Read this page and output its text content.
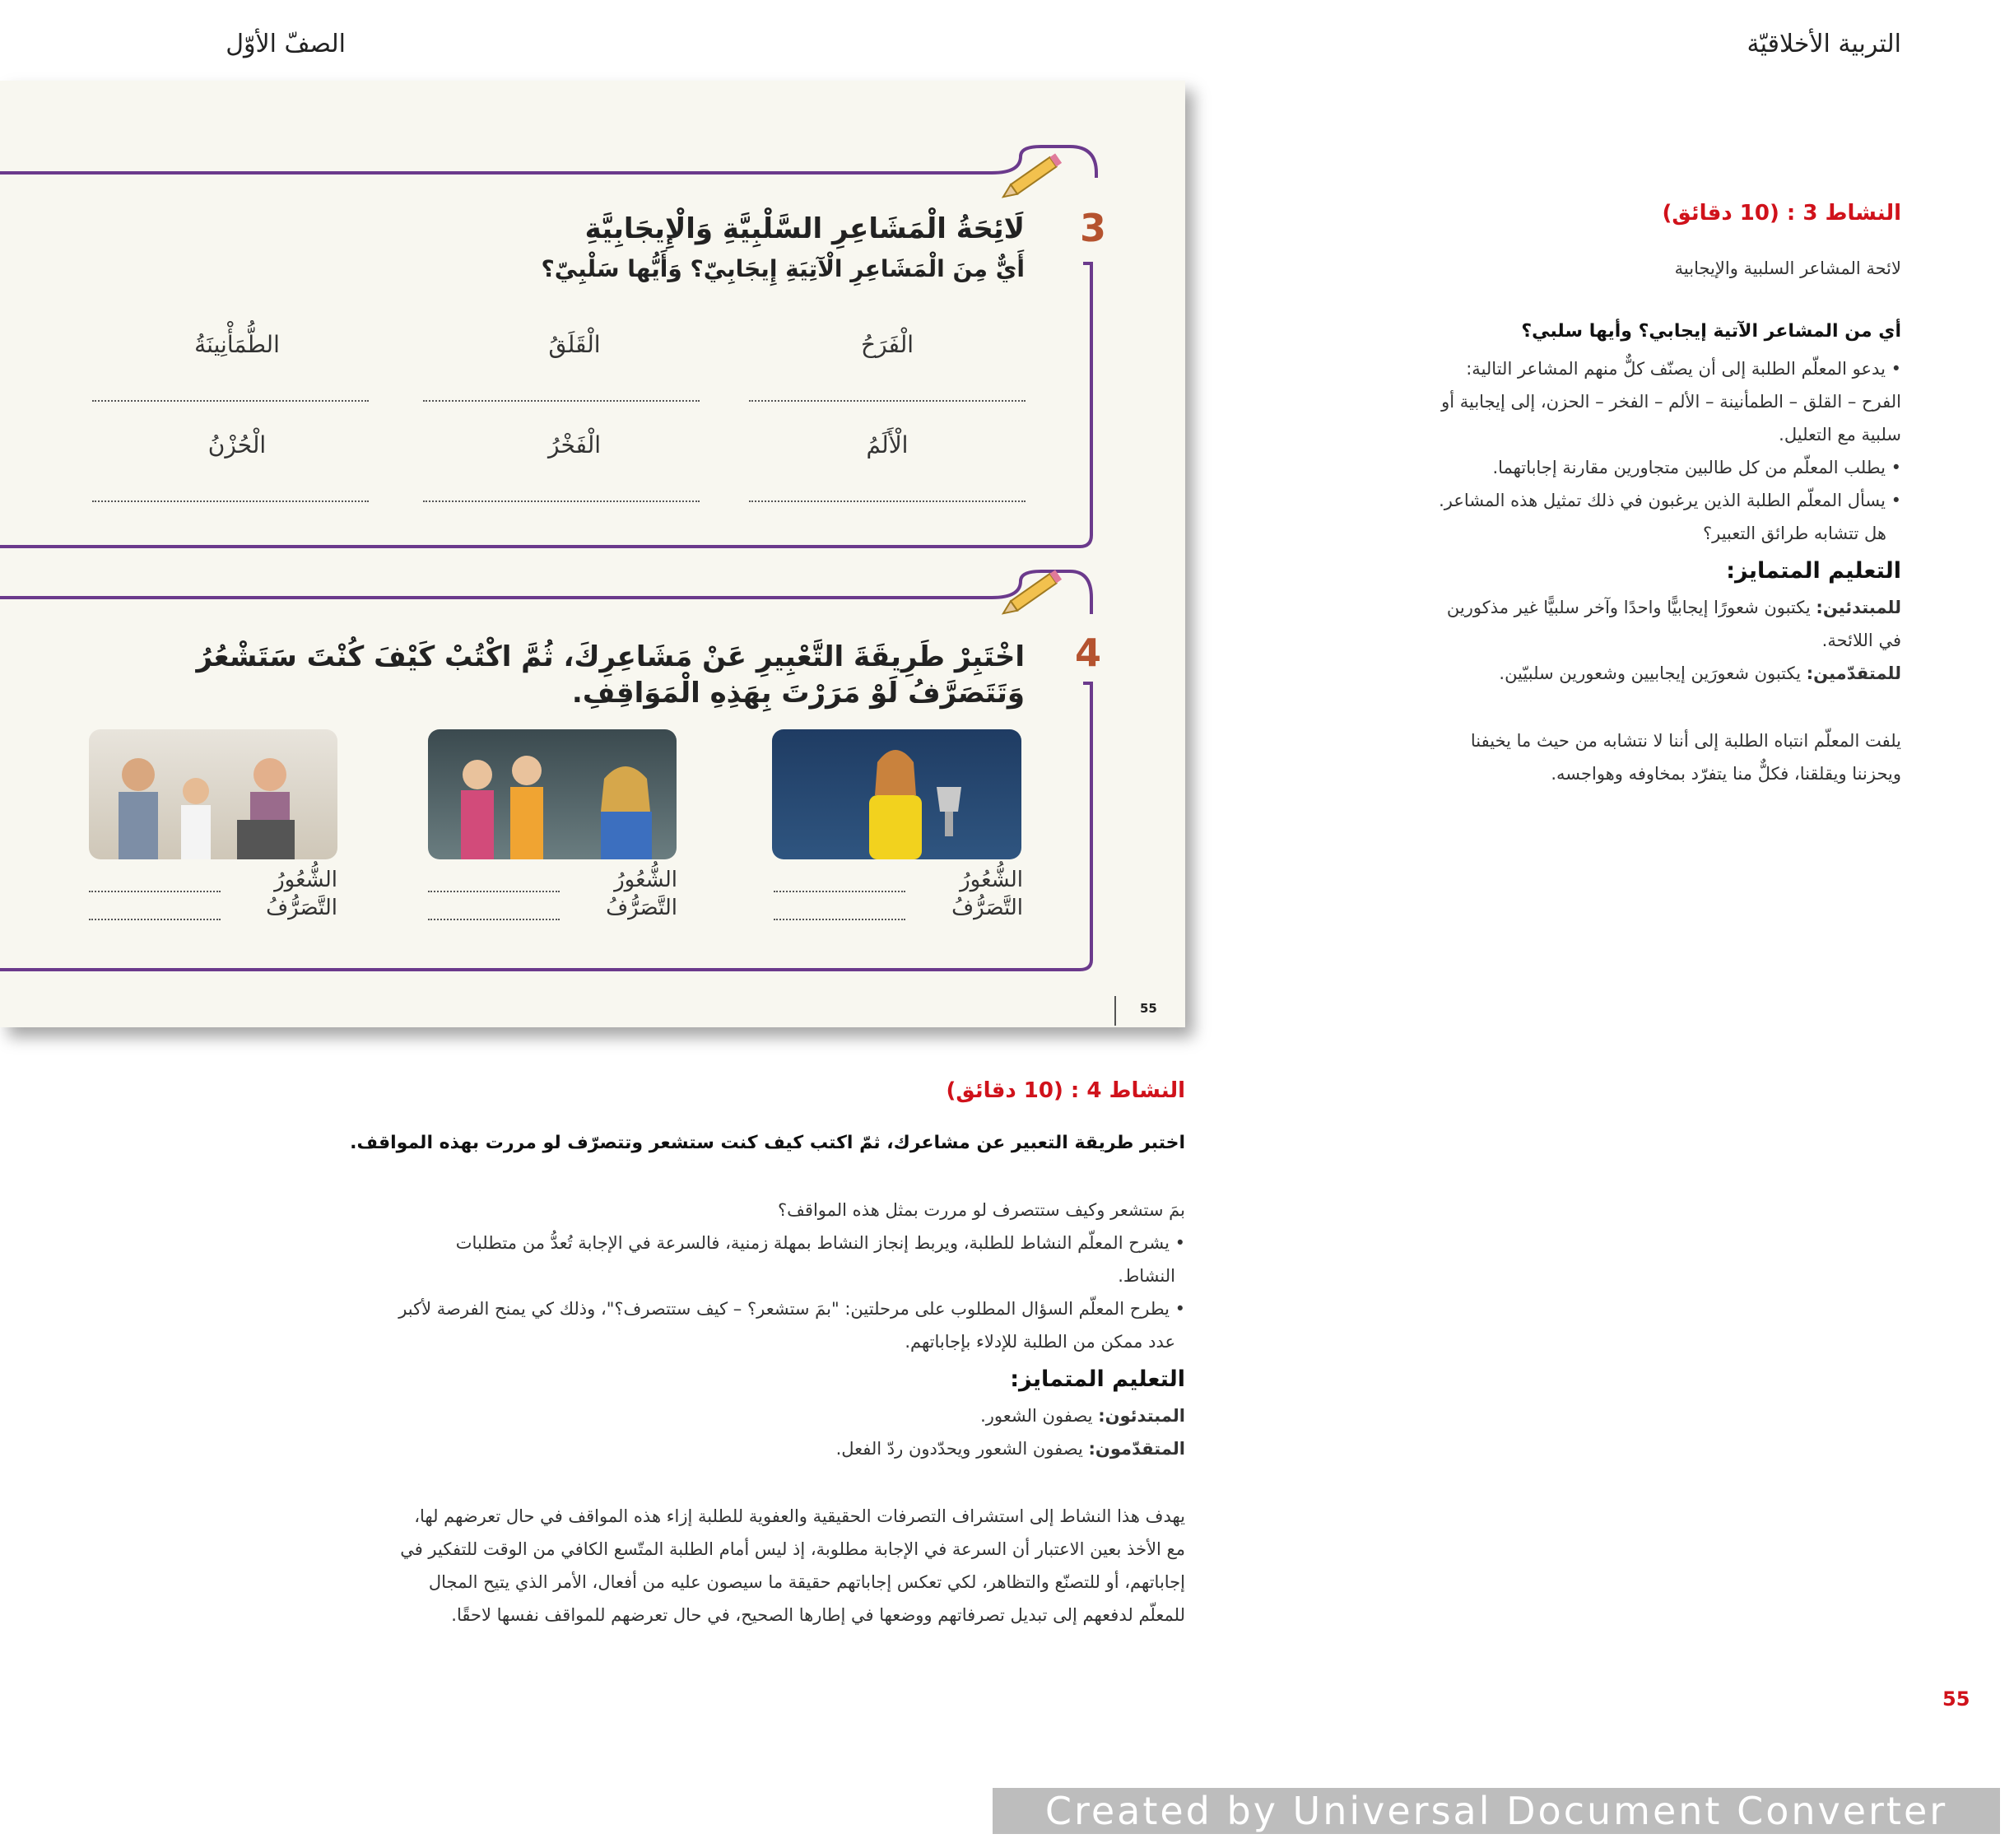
التربية الأخلاقيّة
الصفّ الأوّل
3
لَائِحَةُ الْمَشَاعِرِ السَّلْبِيَّةِ وَالْإِيجَابِيَّةِ
أَيٌّ مِنَ الْمَشَاعِرِ الْآتِيَةِ إِيجَابِيّ؟ وَأَيُّها سَلْبِيّ؟
الْفَرَحُ
الْقَلَقُ
الطُّمَأْنِينَةُ
الْأَلَمُ
الْفَخْرُ
الْحُزْنُ
4
اخْتَبِرْ طَرِيقَةَ التَّعْبِيرِ عَنْ مَشَاعِرِكَ، ثُمَّ اكْتُبْ كَيْفَ كُنْتَ سَتَشْعُرُ
وَتَتَصَرَّفُ لَوْ مَرَرْتَ بِهَذِهِ الْمَوَاقِفِ.
الشُّعُورُ
التَّصَرُّفُ
الشُّعُورُ
التَّصَرُّفُ
الشُّعُورُ
التَّصَرُّفُ
55
النشاط 3 : (10 دقائق)
لائحة المشاعر السلبية والإيجابية
أي من المشاعر الآتية إيجابي؟ وأيها سلبي؟
• يدعو المعلّم الطلبة إلى أن يصنّف كلٌّ منهم المشاعر التالية:
الفرح – القلق – الطمأنينة – الألم – الفخر – الحزن، إلى إيجابية أو
سلبية مع التعليل.
• يطلب المعلّم من كل طالبين متجاورين مقارنة إجاباتهما.
• يسأل المعلّم الطلبة الذين يرغبون في ذلك تمثيل هذه المشاعر.
هل تتشابه طرائق التعبير؟
التعليم المتمايز:
للمبتدئين: يكتبون شعورًا إيجابيًّا واحدًا وآخر سلبيًّا غير مذكورين
في اللائحة.
للمتقدّمين: يكتبون شعورَين إيجابيين وشعورين سلبيّين.
يلفت المعلّم انتباه الطلبة إلى أننا لا نتشابه من حيث ما يخيفنا
ويحزننا ويقلقنا، فكلٌّ منا يتفرّد بمخاوفه وهواجسه.
النشاط 4 : (10 دقائق)
اختبر طريقة التعبير عن مشاعرك، ثمّ اكتب كيف كنت ستشعر وتتصرّف لو مررت بهذه المواقف.
بمَ ستشعر وكيف ستتصرف لو مررت بمثل هذه المواقف؟
• يشرح المعلّم النشاط للطلبة، ويربط إنجاز النشاط بمهلة زمنية، فالسرعة في الإجابة تُعدُّ من متطلبات
النشاط.
• يطرح المعلّم السؤال المطلوب على مرحلتين: "بمَ ستشعر؟ – كيف ستتصرف؟"، وذلك كي يمنح الفرصة لأكبر
عدد ممكن من الطلبة للإدلاء بإجاباتهم.
التعليم المتمايز:
المبتدئون: يصفون الشعور.
المتقدّمون: يصفون الشعور ويحدّدون ردّ الفعل.
يهدف هذا النشاط إلى استشراف التصرفات الحقيقية والعفوية للطلبة إزاء هذه المواقف في حال تعرضهم لها،
مع الأخذ بعين الاعتبار أن السرعة في الإجابة مطلوبة، إذ ليس أمام الطلبة المتّسع الكافي من الوقت للتفكير في
إجاباتهم، أو للتصنّع والتظاهر، لكي تعكس إجاباتهم حقيقة ما سيصون عليه من أفعال، الأمر الذي يتيح المجال
للمعلّم لدفعهم إلى تبديل تصرفاتهم ووضعها في إطارها الصحيح، في حال تعرضهم للمواقف نفسها لاحقًا.
55
Created by Universal Document Converter
